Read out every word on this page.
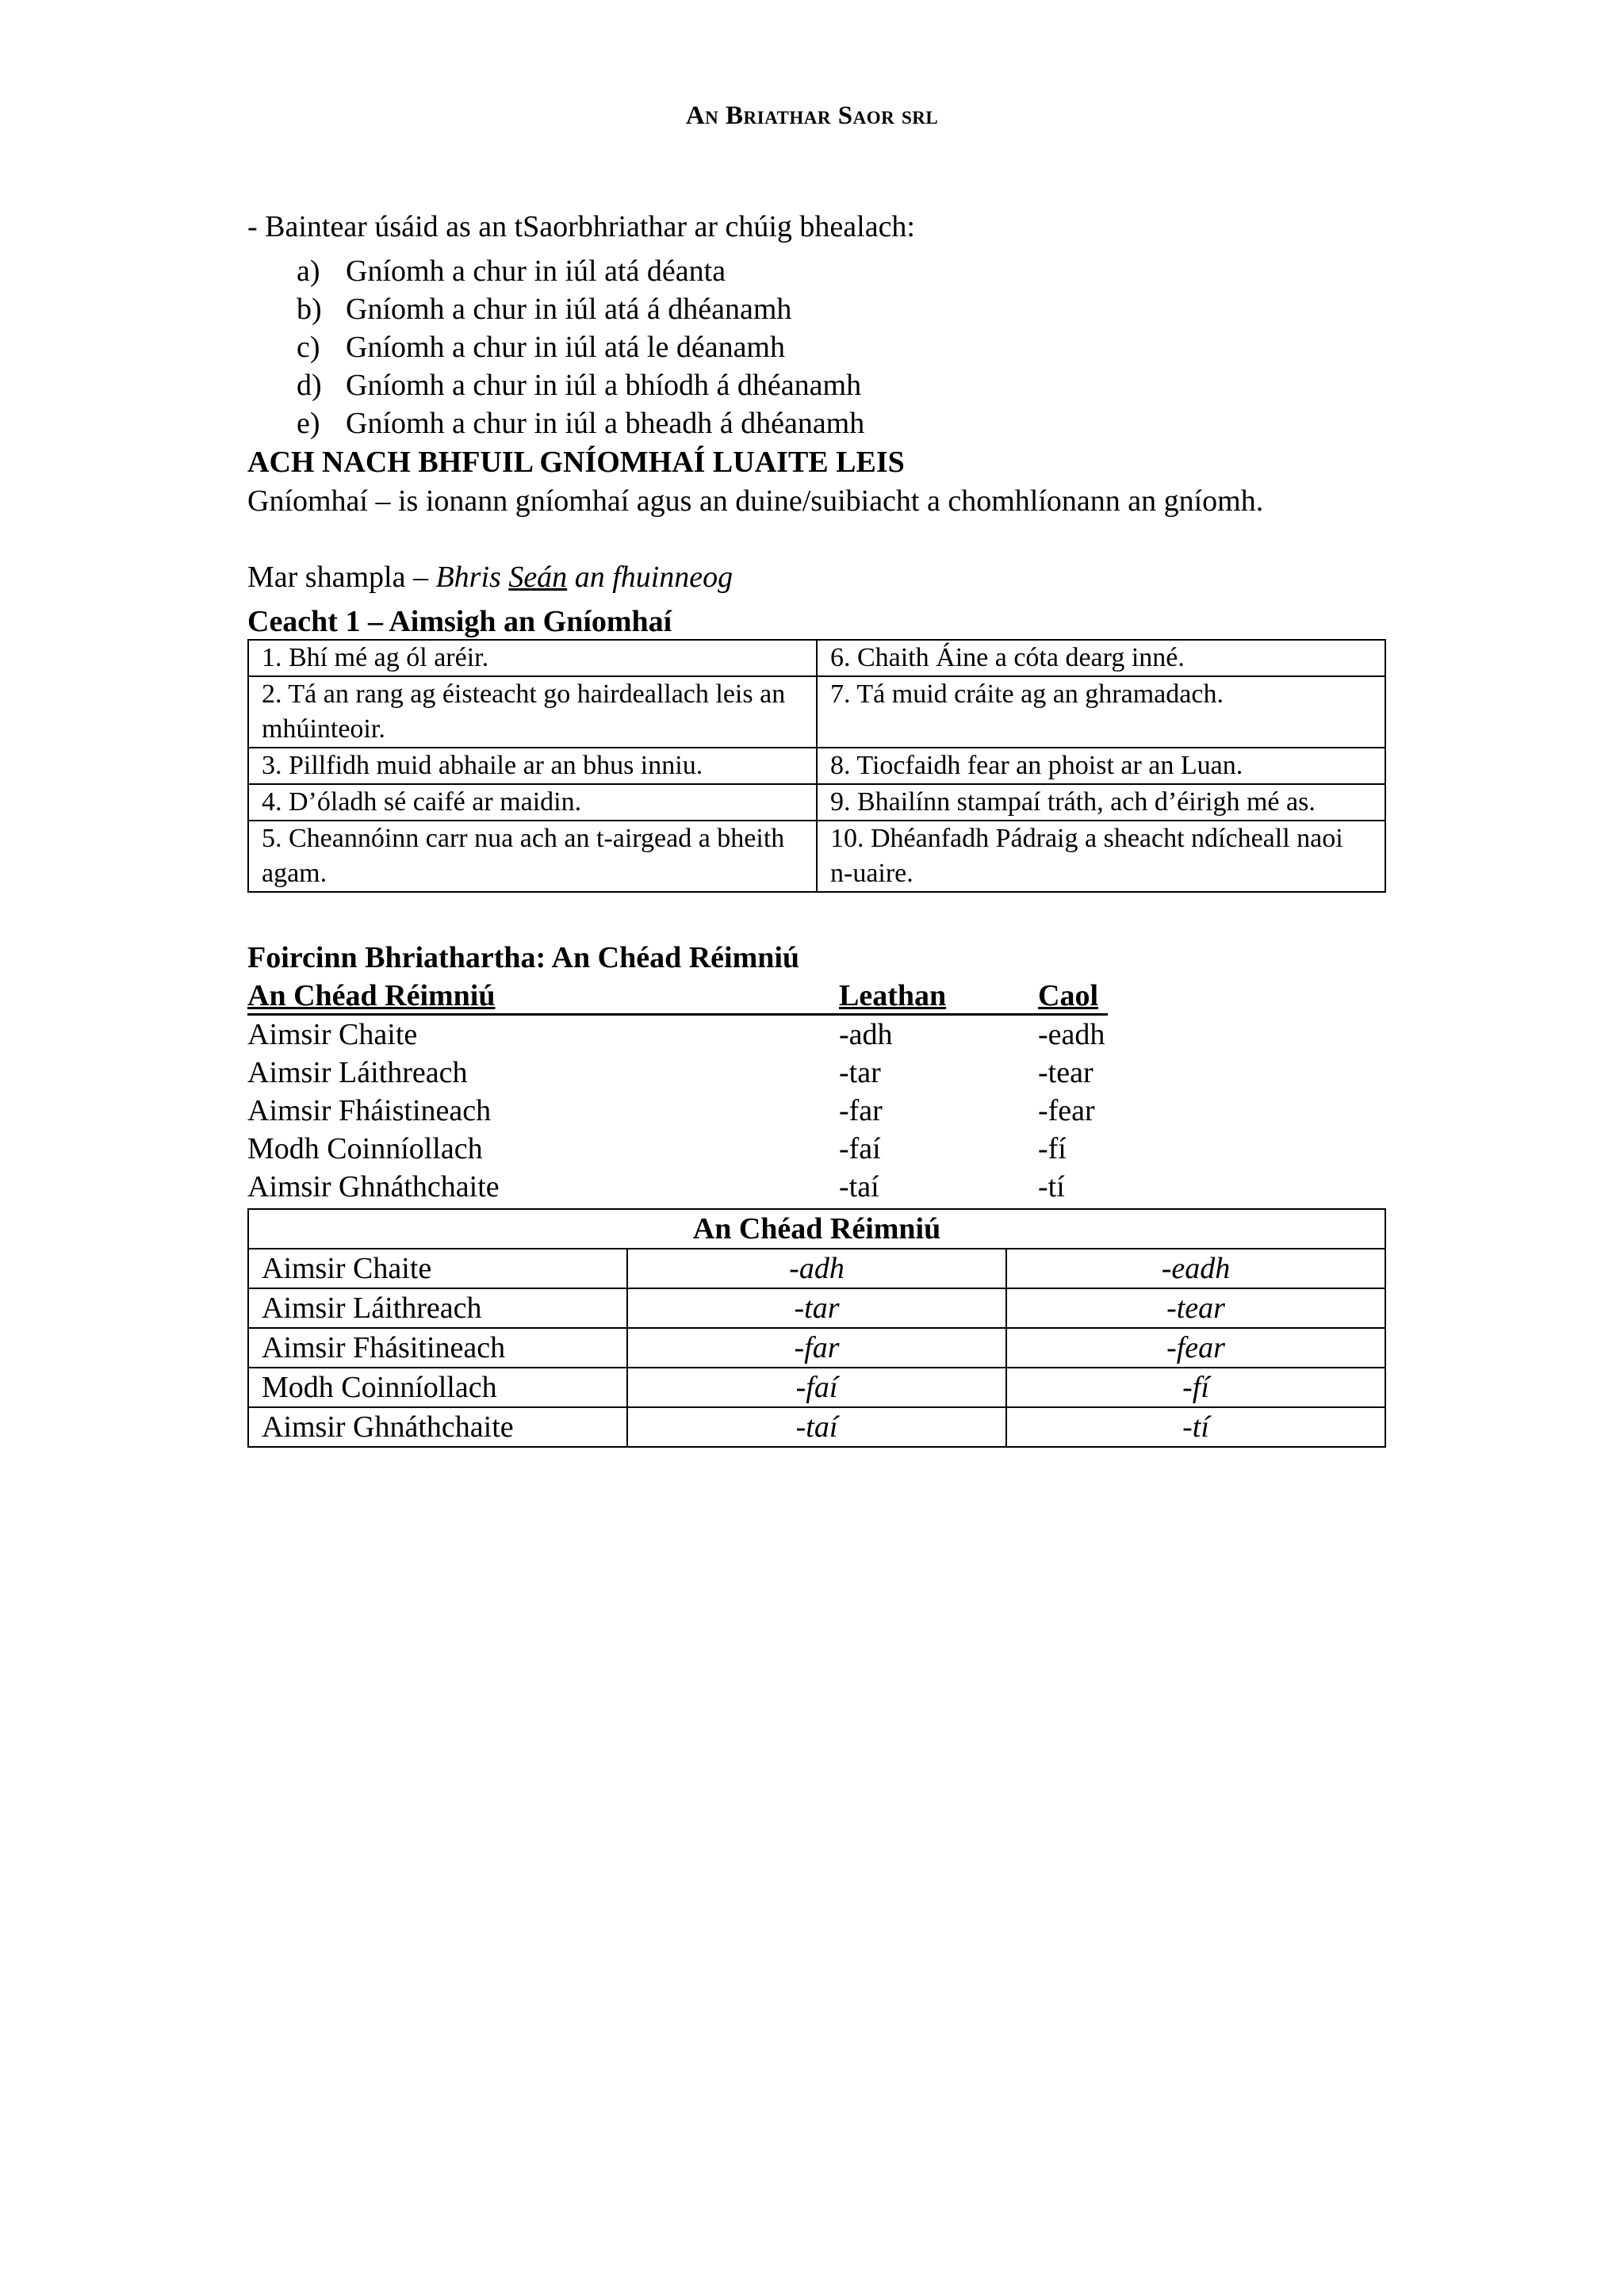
An Briathar Saor srl

- Baintear úsáid as an tSaorbhriathar ar chúig bhealach:

a) Gníomh a chur in iúl atá déanta
b) Gníomh a chur in iúl atá á dhéanamh
c) Gníomh a chur in iúl atá le déanamh
d) Gníomh a chur in iúl a bhíodh á dhéanamh
e) Gníomh a chur in iúl a bheadh á dhéanamh

ACH NACH BHFUIL GNÍOMHAÍ LUAITE LEIS

Gníomhaí – is ionann gníomhaí agus an duine/suibiacht a chomhlíonann an gníomh.

Mar shampla – Bhris Seán an fhuinneog

Ceacht 1 – Aimsigh an Gníomhaí
1. Bhí mé ag ól aréir.	6. Chaith Áine a cóta dearg inné.
2. Tá an rang ag éisteacht go hairdeallach leis an mhúinteoir.	7. Tá muid cráite ag an ghramadach.
3. Pillfidh muid abhaile ar an bhus inniu.	8. Tiocfaidh fear an phoist ar an Luan.
4. D’óladh sé caifé ar maidin.	9. Bhailínn stampaí tráth, ach d’éirigh mé as.
5. Cheannóinn carr nua ach an t-airgead a bheith agam.	10. Dhéanfadh Pádraig a sheacht ndícheall naoi n-uaire.
Foircinn Bhriathartha: An Chéad Réimniú
An Chéad Réimniú	Leathan	Caol
Aimsir Chaite	-adh	-eadh
Aimsir Láithreach	-tar	-tear
Aimsir Fháistineach	-far	-fear
Modh Coinníollach	-faí	-fí
Aimsir Ghnáthchaite	-taí	-tí
An Chéad Réimniú		
Aimsir Chaite	-adh	-eadh
Aimsir Láithreach	-tar	-tear
Aimsir Fhásitineach	-far	-fear
Modh Coinníollach	-faí	-fí
Aimsir Ghnáthchaite	-taí	-tí
